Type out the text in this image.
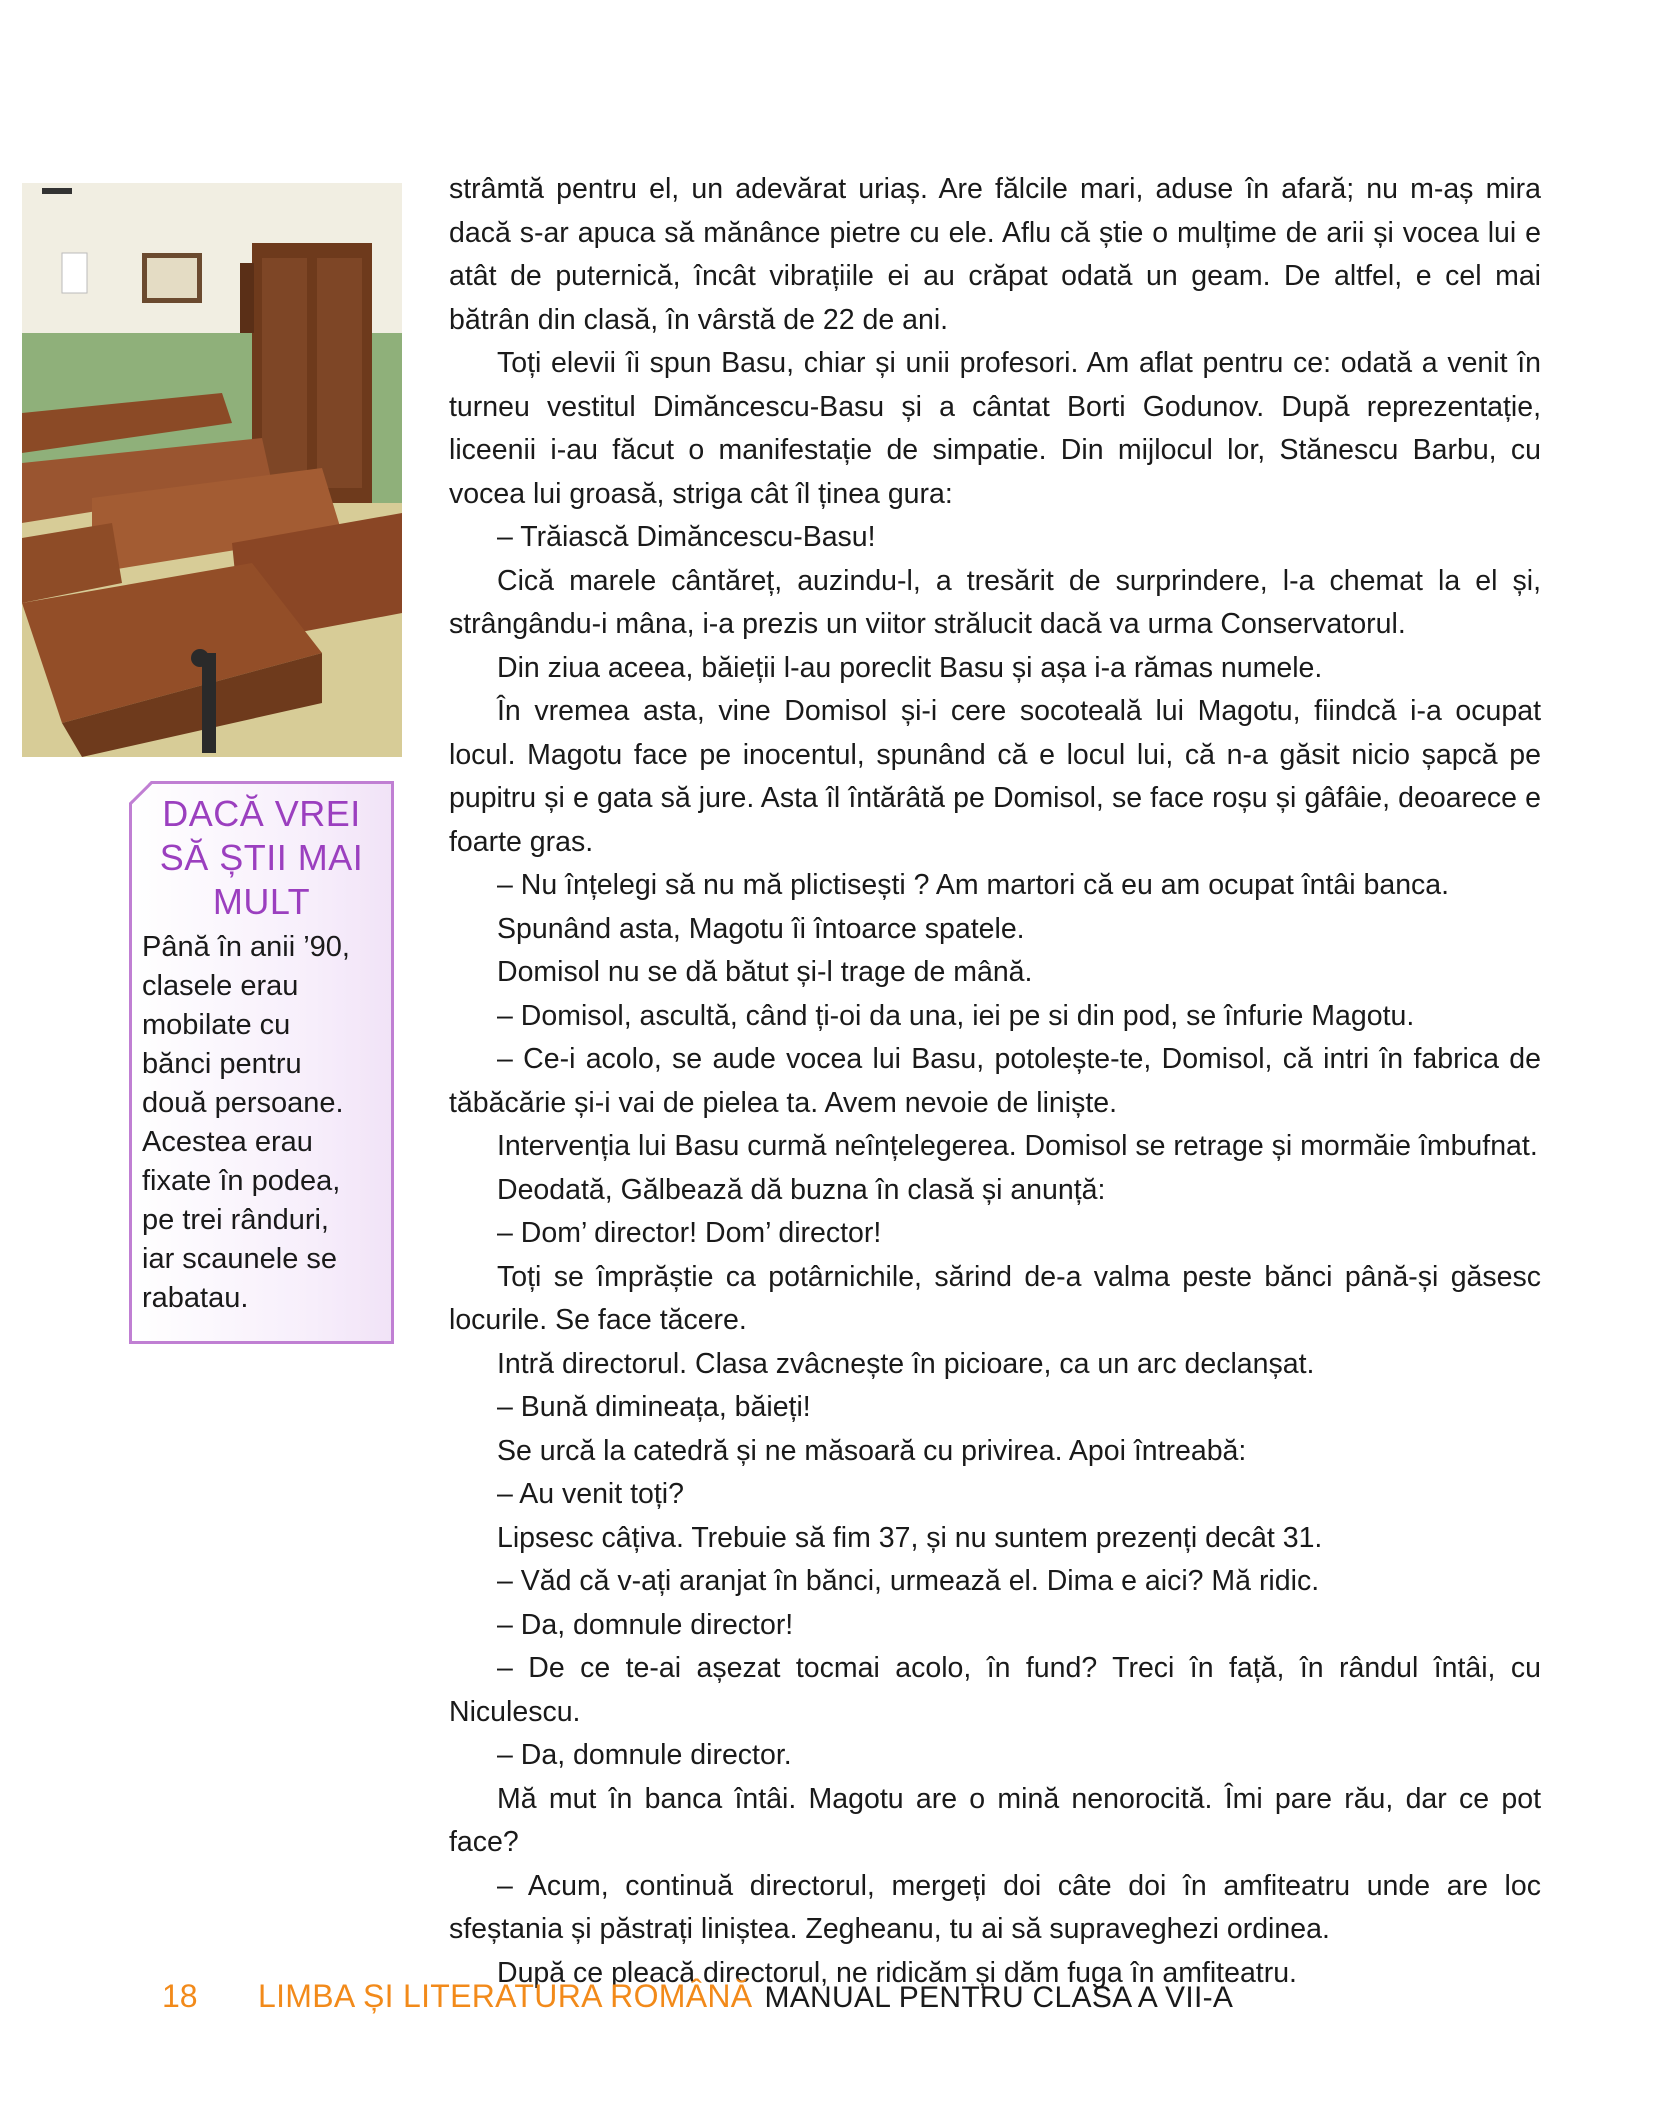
DACĂ VREI SĂ ȘTII MAI MULT
Până în anii ’90,
clasele erau
mobilate cu
bănci pentru
două persoane.
Acestea erau
fixate în podea,
pe trei rânduri,
iar scaunele se
rabatau.

strâmtă pentru el, un adevărat uriaș. Are fălcile mari, aduse în afară; nu m-aș mira dacă s-ar apuca să mănânce pietre cu ele. Aflu că știe o mulțime de arii și vocea lui e atât de puternică, încât vibrațiile ei au crăpat odată un geam. De altfel, e cel mai bătrân din clasă, în vârstă de 22 de ani.

Toți elevii îi spun Basu, chiar și unii profesori. Am aflat pentru ce: odată a venit în turneu vestitul Dimăncescu-Basu și a cântat Borti Godunov. După reprezentație, liceenii i-au făcut o manifestație de simpatie. Din mijlocul lor, Stănescu Barbu, cu vocea lui groasă, striga cât îl ținea gura:

– Trăiască Dimăncescu-Basu!

Cică marele cântăreț, auzindu-l, a tresărit de surprindere, l-a chemat la el și, strângându-i mâna, i-a prezis un viitor strălucit dacă va urma Conservatorul.

Din ziua aceea, băieții l-au poreclit Basu și așa i-a rămas numele.

În vremea asta, vine Domisol și-i cere socoteală lui Magotu, fiindcă i-a ocupat locul. Magotu face pe inocentul, spunând că e locul lui, că n-a găsit nicio șapcă pe pupitru și e gata să jure. Asta îl întărâtă pe Domisol, se face roșu și gâfâie, deoarece e foarte gras.

– Nu înțelegi să nu mă plictisești ? Am martori că eu am ocupat întâi banca.

Spunând asta, Magotu îi întoarce spatele.

Domisol nu se dă bătut și-l trage de mână.

– Domisol, ascultă, când ți-oi da una, iei pe si din pod, se înfurie Magotu.

– Ce-i acolo, se aude vocea lui Basu, potolește-te, Domisol, că intri în fabrica de tăbăcărie și-i vai de pielea ta. Avem nevoie de liniște.

Intervenția lui Basu curmă neînțelegerea. Domisol se retrage și mormăie îmbufnat.

Deodată, Gălbează dă buzna în clasă și anunță:

– Dom’ director! Dom’ director!

Toți se împrăștie ca potârnichile, sărind de-a valma peste bănci până-și găsesc locurile. Se face tăcere.

Intră directorul. Clasa zvâcnește în picioare, ca un arc declanșat.

– Bună dimineața, băieți!

Se urcă la catedră și ne măsoară cu privirea. Apoi întreabă:

– Au venit toți?

Lipsesc câțiva. Trebuie să fim 37, și nu suntem prezenți decât 31.

– Văd că v-ați aranjat în bănci, urmează el. Dima e aici? Mă ridic.

– Da, domnule director!

– De ce te-ai așezat tocmai acolo, în fund? Treci în față, în rândul întâi, cu Niculescu.

– Da, domnule director.

Mă mut în banca întâi. Magotu are o mină nenorocită. Îmi pare rău, dar ce pot face?

– Acum, continuă directorul, mergeți doi câte doi în amfiteatru unde are loc sfeștania și păstrați liniștea. Zegheanu, tu ai să supraveghezi ordinea.

După ce pleacă directorul, ne ridicăm și dăm fuga în amfiteatru.

18 LIMBA ȘI LITERATURA ROMÂNĂ MANUAL PENTRU CLASA A VII-A
